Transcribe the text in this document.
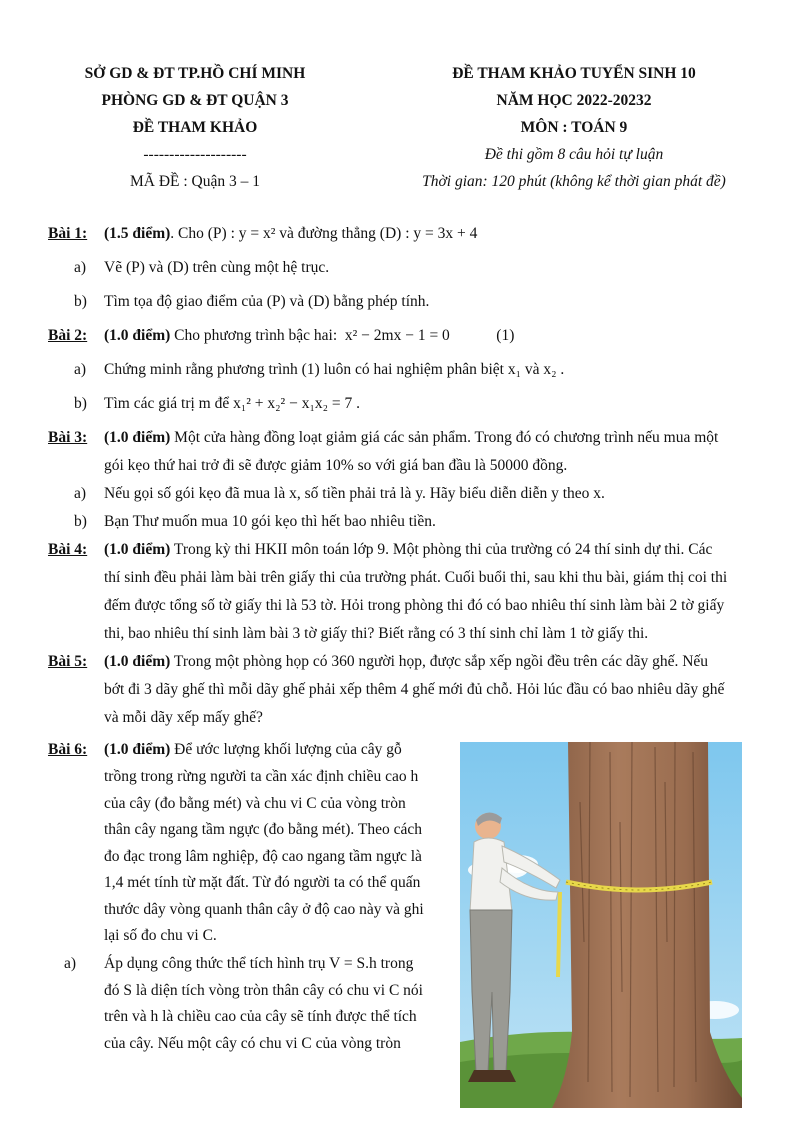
SỞ GD & ĐT TP.HỒ CHÍ MINH
PHÒNG GD & ĐT QUẬN 3
ĐỀ THAM KHẢO
--------------------
MÃ ĐỀ : Quận 3 – 1
ĐỀ THAM KHẢO TUYỂN SINH 10
NĂM HỌC 2022-20232
MÔN : TOÁN 9
Đề thi gồm 8 câu hỏi tự luận
Thời gian: 120 phút (không kể thời gian phát đề)
Bài 1:	(1.5 điểm). Cho (P) : y = x² và đường thẳng (D) : y = 3x + 4
a)	Vẽ (P) và (D) trên cùng một hệ trục.
b)	Tìm tọa độ giao điểm của (P) và (D) bằng phép tính.
Bài 2:	(1.0 điểm) Cho phương trình bậc hai:  x² − 2mx − 1 = 0            (1)
a)	Chứng minh rằng phương trình (1) luôn có hai nghiệm phân biệt x₁ và x₂ .
b)	Tìm các giá trị m để x₁² + x₂² − x₁x₂ = 7 .
Bài 3:	(1.0 điểm) Một cửa hàng đồng loạt giảm giá các sản phẩm. Trong đó có chương trình nếu mua một
gói kẹo thứ hai trở đi sẽ được giảm 10% so với giá ban đầu là 50000 đồng.
a)	Nếu gọi số gói kẹo đã mua là x, số tiền phải trả là y. Hãy biểu diễn diễn y theo x.
b)	Bạn Thư muốn mua 10 gói kẹo thì hết bao nhiêu tiền.
Bài 4:	(1.0 điểm) Trong kỳ thi HKII môn toán lớp 9. Một phòng thi của trường có 24 thí sinh dự thi. Các
thí sinh đều phải làm bài trên giấy thi của trường phát. Cuối buổi thi, sau khi thu bài, giám thị coi thi
đếm được tổng số tờ giấy thi là 53 tờ. Hỏi trong phòng thi đó có bao nhiêu thí sinh làm bài 2 tờ giấy
thi, bao nhiêu thí sinh làm bài 3 tờ giấy thi? Biết rằng có 3 thí sinh chỉ làm 1 tờ giấy thi.
Bài 5:	(1.0 điểm) Trong một phòng họp có 360 người họp, được sắp xếp ngồi đều trên các dãy ghế. Nếu
bớt đi 3 dãy ghế thì mỗi dãy ghế phải xếp thêm 4 ghế mới đủ chỗ. Hỏi lúc đầu có bao nhiêu dãy ghế
và mỗi dãy xếp mấy ghế?
Bài 6:	(1.0 điểm) Để ước lượng khối lượng của cây gỗ
trồng trong rừng người ta cần xác định chiều cao h
của cây (đo bằng mét) và chu vi C của vòng tròn
thân cây ngang tầm ngực (đo bằng mét). Theo cách
đo đạc trong lâm nghiệp, độ cao ngang tầm ngực là
1,4 mét tính từ mặt đất. Từ đó người ta có thể quấn
thước dây vòng quanh thân cây ở độ cao này và ghi
lại số đo chu vi C.
a)	Áp dụng công thức thể tích hình trụ V = S.h trong
đó S là diện tích vòng tròn thân cây có chu vi C nói
trên và h là chiều cao của cây sẽ tính được thể tích
của cây. Nếu một cây có chu vi C của vòng tròn
